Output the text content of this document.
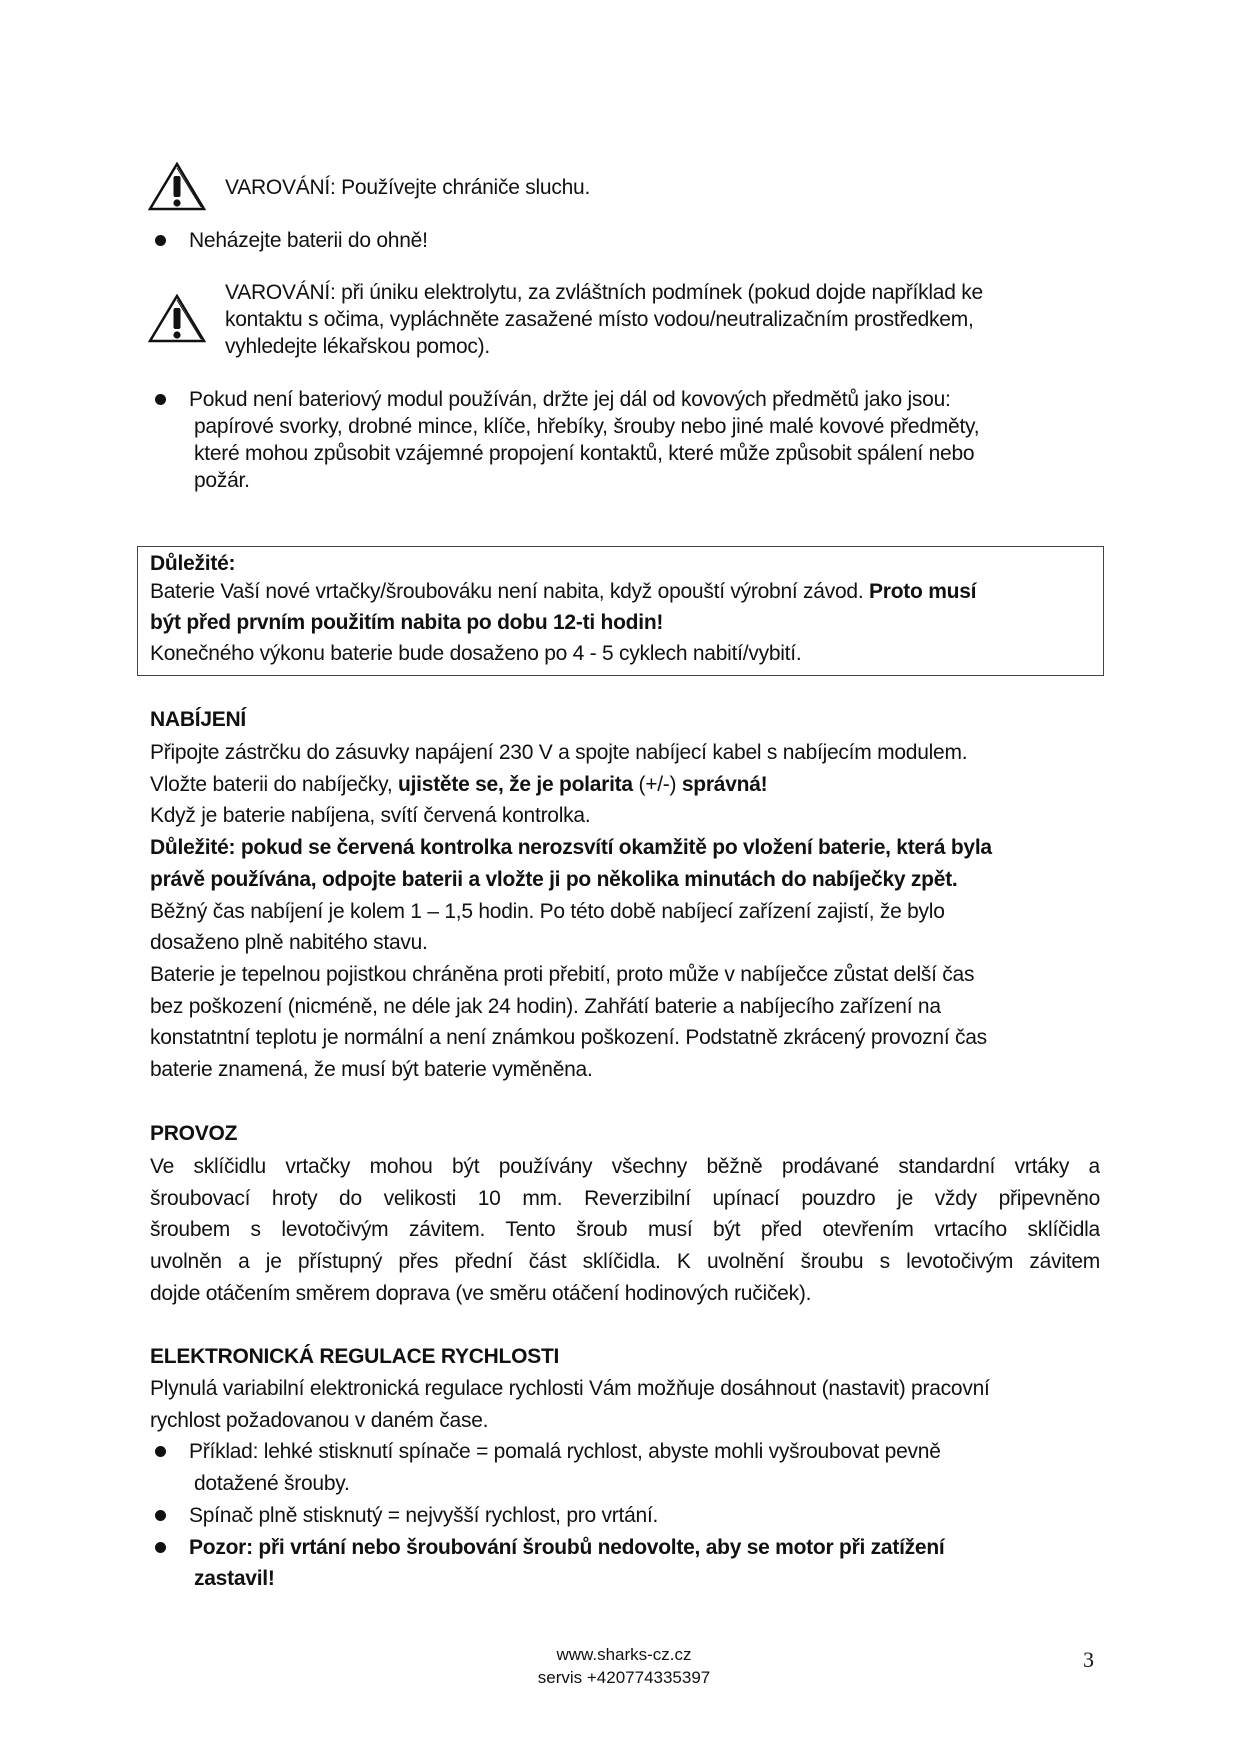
www.sharks-cz.cz
servis +420774335397
3
VAROVÁNÍ: Používejte chrániče sluchu.
Neházejte baterii do ohně!
VAROVÁNÍ: při úniku elektrolytu, za zvláštních podmínek (pokud dojde například ke
kontaktu s očima, vypláchněte zasažené místo vodou/neutralizačním prostředkem,
vyhledejte lékařskou pomoc).
Pokud není bateriový modul používán, držte jej dál od kovových předmětů jako jsou:
papírové svorky, drobné mince, klíče, hřebíky, šrouby nebo jiné malé kovové předměty,
které mohou způsobit vzájemné propojení kontaktů, které může způsobit spálení nebo
požár.
Důležité:
Baterie Vaší nové vrtačky/šroubováku není nabita, když opouští výrobní závod. Proto musí
být před prvním použitím nabita po dobu 12-ti hodin!
Konečného výkonu baterie bude dosaženo po 4 - 5 cyklech nabití/vybití.
NABÍJENÍ
Připojte zástrčku do zásuvky napájení 230 V a spojte nabíjecí kabel s nabíjecím modulem.
Vložte baterii do nabíječky, ujistěte se, že je polarita (+/-) správná!
Když je baterie nabíjena, svítí červená kontrolka.
Důležité: pokud se červená kontrolka nerozsvítí okamžitě po vložení baterie, která byla
právě používána, odpojte baterii a vložte ji po několika minutách do nabíječky zpět.
Běžný čas nabíjení je kolem 1 – 1,5 hodin. Po této době nabíjecí zařízení zajistí, že bylo
dosaženo plně nabitého stavu.
Baterie je tepelnou pojistkou chráněna proti přebití, proto může v nabíječce zůstat delší čas
bez poškození (nicméně, ne déle jak 24 hodin). Zahřátí baterie a nabíjecího zařízení na
konstatntní teplotu je normální a není známkou poškození. Podstatně zkrácený provozní čas
baterie znamená, že musí být baterie vyměněna.
PROVOZ
Ve sklíčidlu vrtačky mohou být používány všechny běžně prodávané standardní vrtáky a
šroubovací hroty do velikosti 10 mm. Reverzibilní upínací pouzdro je vždy připevněno
šroubem s levotočivým závitem. Tento šroub musí být před otevřením vrtacího sklíčidla
uvolněn a je přístupný přes přední část sklíčidla. K uvolnění šroubu s levotočivým závitem
dojde otáčením směrem doprava (ve směru otáčení hodinových ručiček).
ELEKTRONICKÁ REGULACE RYCHLOSTI
Plynulá variabilní elektronická regulace rychlosti Vám možňuje dosáhnout (nastavit) pracovní
rychlost požadovanou v daném čase.
Příklad: lehké stisknutí spínače = pomalá rychlost, abyste mohli vyšroubovat pevně
dotažené šrouby.
Spínač plně stisknutý = nejvyšší rychlost, pro vrtání.
Pozor: při vrtání nebo šroubování šroubů nedovolte, aby se motor při zatížení
zastavil!
